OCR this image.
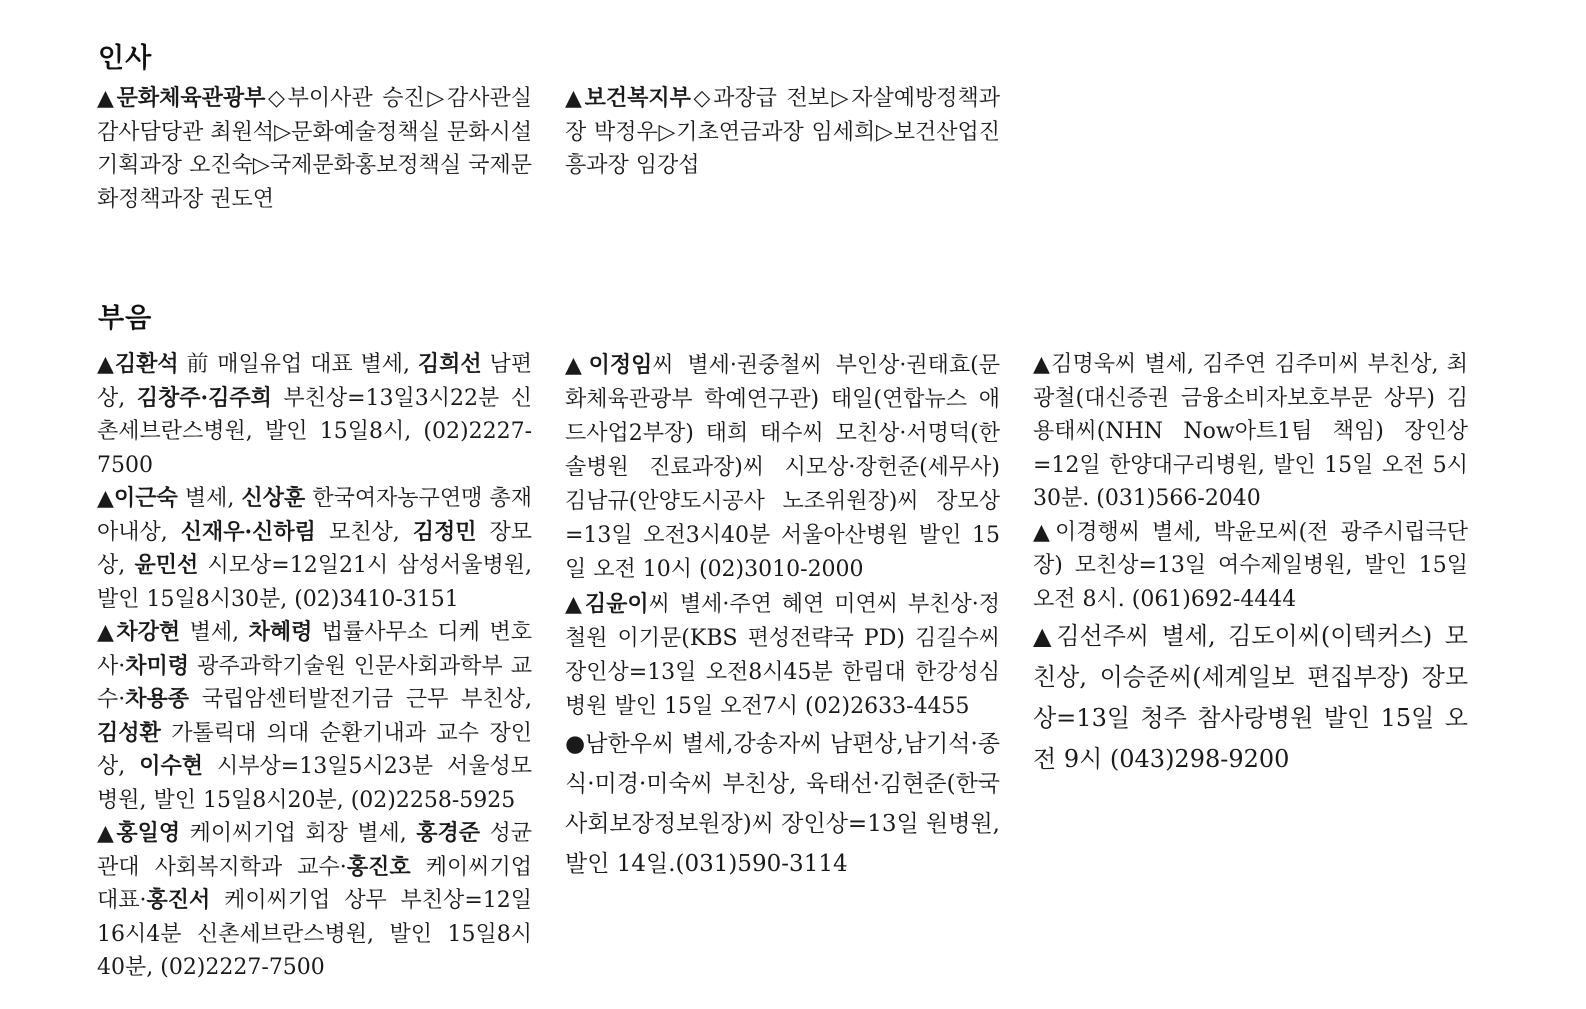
인사

▲문화체육관광부◇부이사관 승진▷감사관실 감사담당관 최원석▷문화예술정책실 문화시설기획과장 오진숙▷국제문화홍보정책실 국제문화정책과장 권도연

▲보건복지부◇과장급 전보▷자살예방정책과장 박정우▷기초연금과장 임세희▷보건산업진흥과장 임강섭

부음

▲김환석 前 매일유업 대표 별세, 김희선 남편상, 김창주·김주희 부친상=13일3시22분 신촌세브란스병원, 발인 15일8시, (02)2227-7500

▲이근숙 별세, 신상훈 한국여자농구연맹 총재 아내상, 신재우·신하림 모친상, 김정민 장모상, 윤민선 시모상=12일21시 삼성서울병원, 발인 15일8시30분, (02)3410-3151

▲차강현 별세, 차혜령 법률사무소 디케 변호사·차미령 광주과학기술원 인문사회과학부 교수·차용종 국립암센터발전기금 근무 부친상, 김성환 가톨릭대 의대 순환기내과 교수 장인상, 이수현 시부상=13일5시23분 서울성모병원, 발인 15일8시20분, (02)2258-5925

▲홍일영 케이씨기업 회장 별세, 홍경준 성균관대 사회복지학과 교수·홍진호 케이씨기업 대표·홍진서 케이씨기업 상무 부친상=12일16시4분 신촌세브란스병원, 발인 15일8시40분, (02)2227-7500

▲이정임씨 별세·권중철씨 부인상·권태효(문화체육관광부 학예연구관) 태일(연합뉴스 애드사업2부장) 태희 태수씨 모친상·서명덕(한솔병원 진료과장)씨 시모상·장헌준(세무사) 김남규(안양도시공사 노조위원장)씨 장모상=13일 오전3시40분 서울아산병원 발인 15일 오전 10시 (02)3010-2000

▲김윤이씨 별세·주연 혜연 미연씨 부친상·정철원 이기문(KBS 편성전략국 PD) 김길수씨 장인상=13일 오전8시45분 한림대 한강성심병원 발인 15일 오전7시 (02)2633-4455

●남한우씨 별세,강송자씨 남편상,남기석·종식·미경·미숙씨 부친상, 육태선·김현준(한국사회보장정보원장)씨 장인상=13일 원병원,발인 14일.(031)590-3114

▲김명욱씨 별세, 김주연 김주미씨 부친상, 최광철(대신증권 금융소비자보호부문 상무) 김용태씨(NHN Now아트1팀 책임) 장인상=12일 한양대구리병원, 발인 15일 오전 5시 30분. (031)566-2040

▲이경행씨 별세, 박윤모씨(전 광주시립극단장) 모친상=13일 여수제일병원, 발인 15일 오전 8시. (061)692-4444

▲김선주씨 별세, 김도이씨(이텍커스) 모친상, 이승준씨(세계일보 편집부장) 장모상=13일 청주 참사랑병원 발인 15일 오전 9시 (043)298-9200
